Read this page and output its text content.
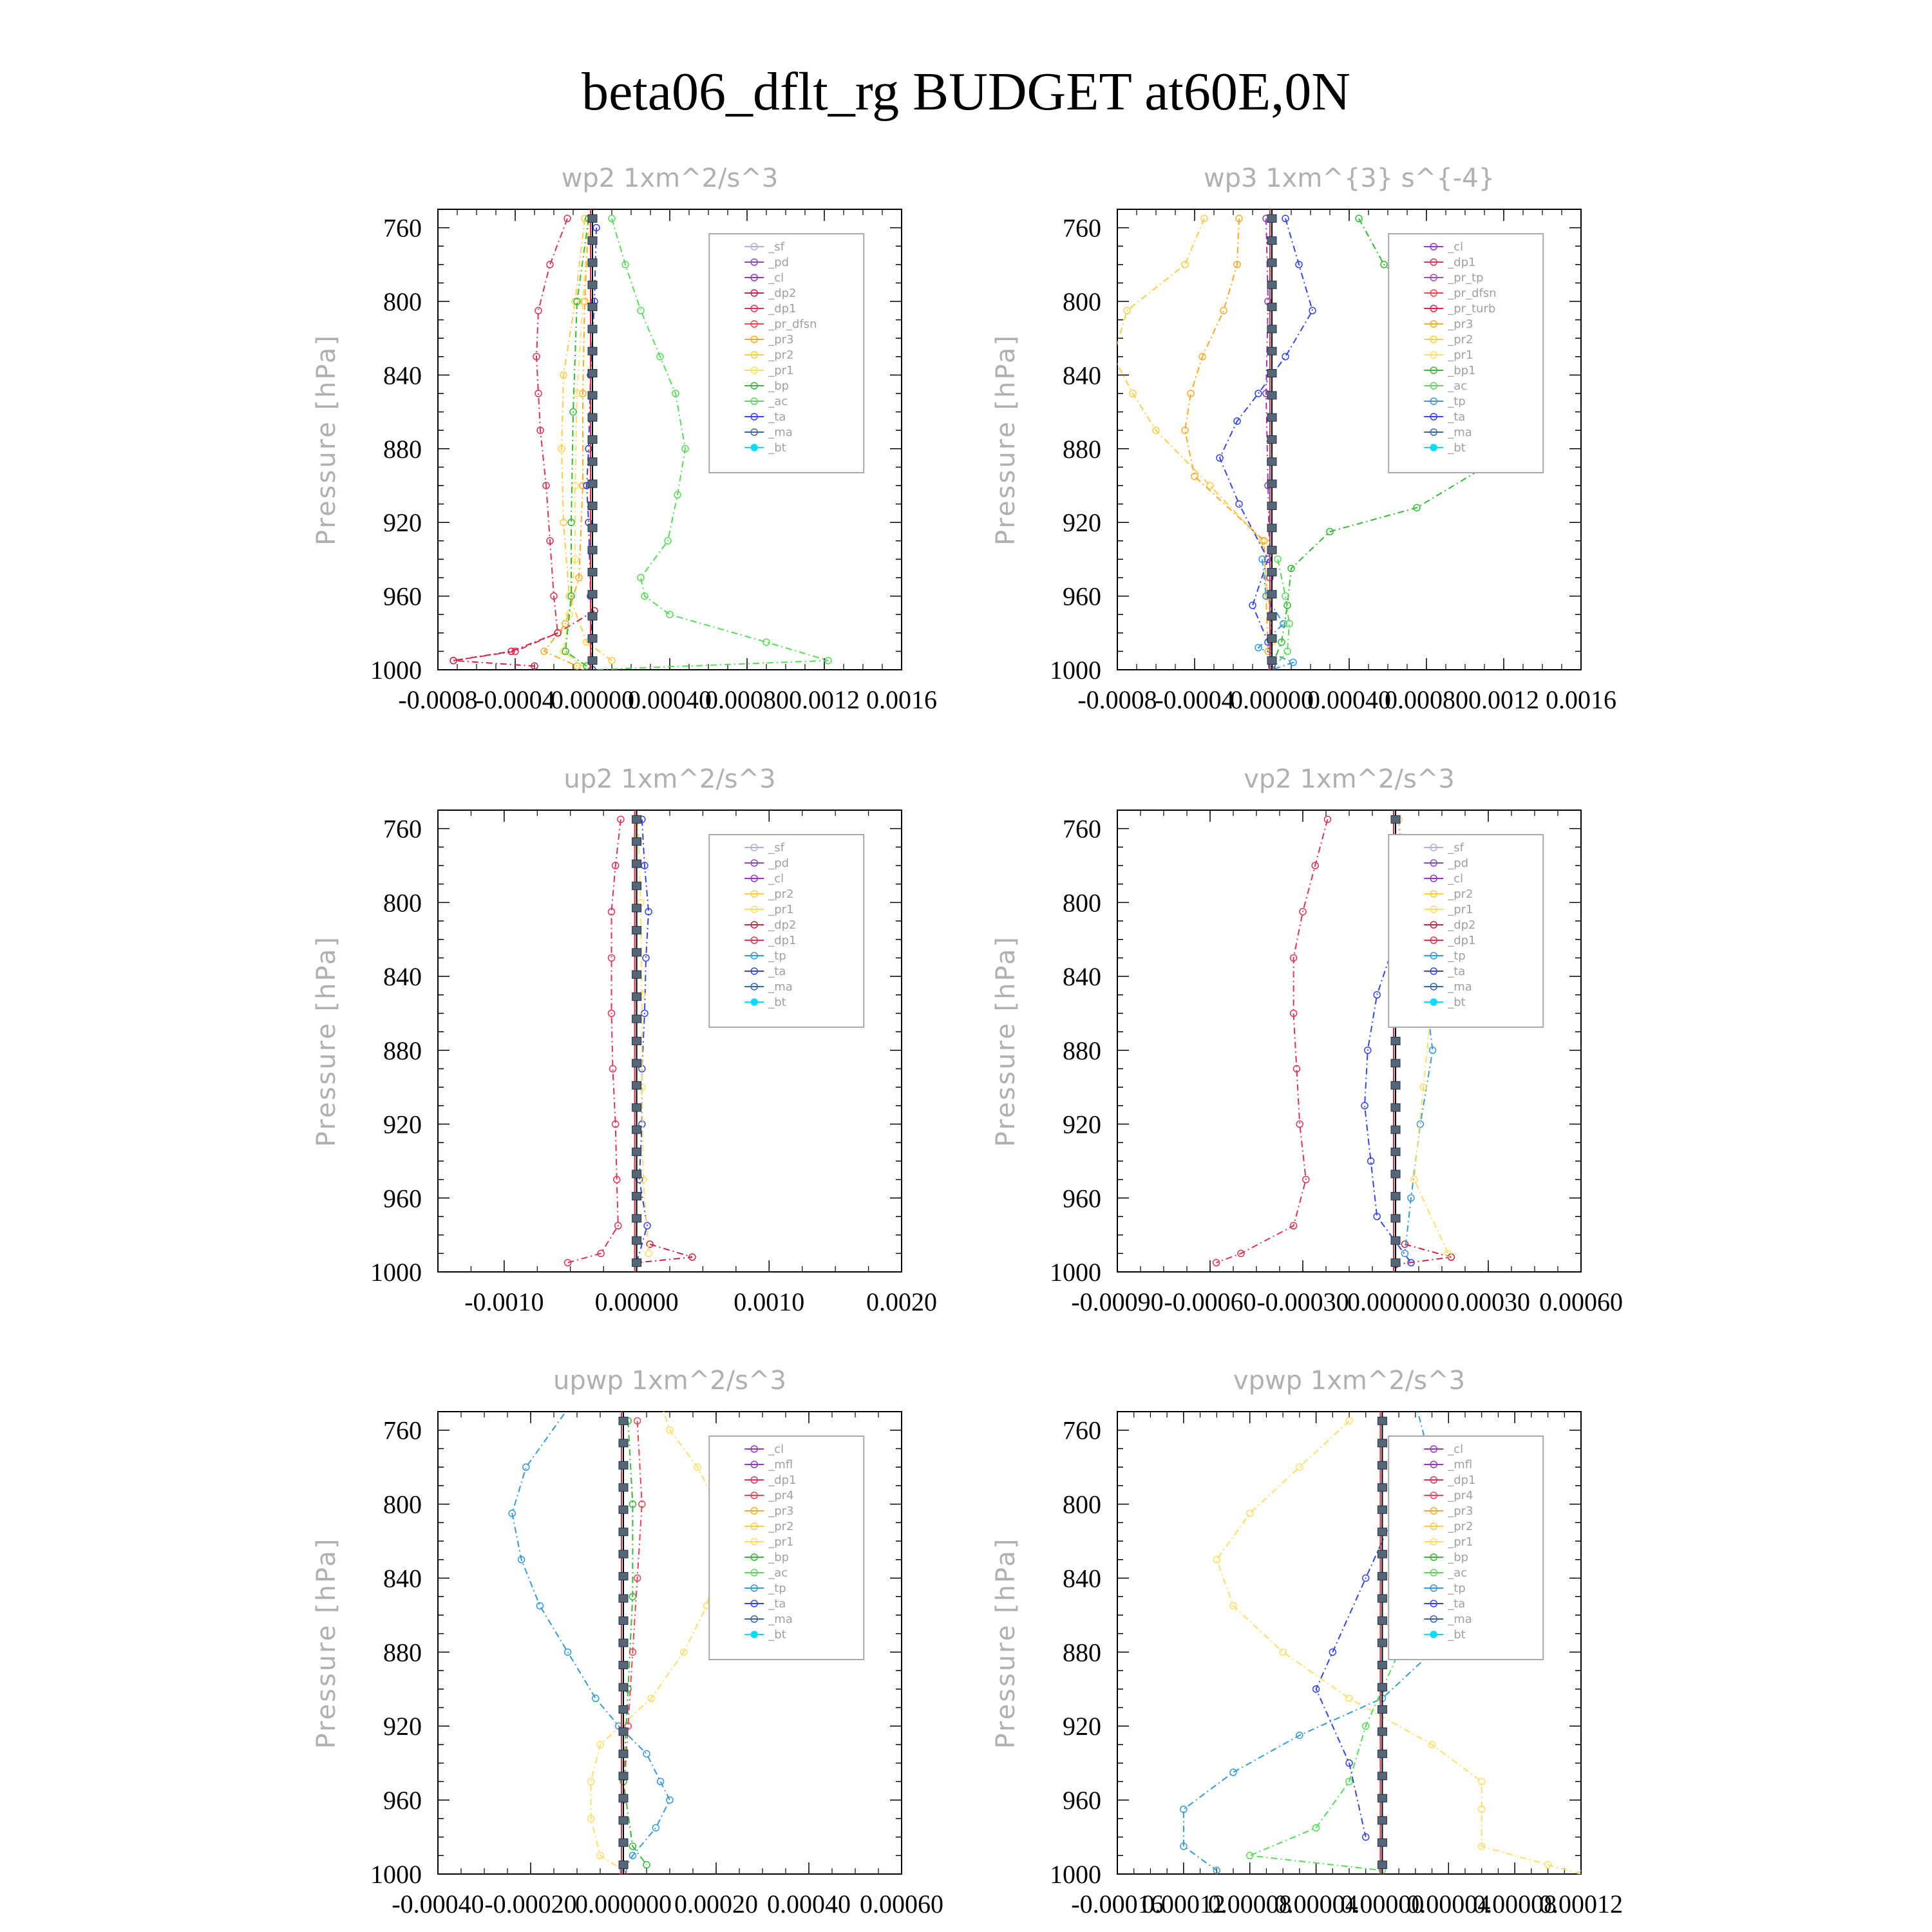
beta06_dflt_rg BUDGET at60E,0N
wp2 1xm^2/s^3
Pressure [hPa]
760
800
840
880
920
960
1000
-0.0008
-0.0004
0.00000
0.00040
0.00080 0.0012 0.0016
_sf
_pd
_cl
_dp2
_dp1
_pr_dfsn
_pr3
_pr2
_pr1
_bp
_ac
_ta
_ma
_bt
wp3 1xm^{3} s^{-4}
Pressure [hPa]
760
800
840
880
920
960
1000
-0.0008
-0.0004
0.00000
0.00040
0.00080 0.0012 0.0016
_cl
_dp1
_pr_tp
_pr_dfsn
_pr_turb
_pr3
_pr2
_pr1
_bp1
_ac
_tp
_ta
_ma
_bt
up2 1xm^2/s^3
Pressure [hPa]
760
800
840
880
920
960
1000
-0.0010 0.00000 0.0010 0.0020
_sf
_pd
_cl
_pr2
_pr1
_dp2
_dp1
_tp
_ta
_ma
_bt
vp2 1xm^2/s^3
Pressure [hPa]
760
800
840
880
920
960
1000
-0.00090 -0.00060 -0.00030
0.000000 0.00030 0.00060
_sf
_pd
_cl
_pr2
_pr1
_dp2
_dp1
_tp
_ta
_ma
_bt
upwp 1xm^2/s^3
Pressure [hPa]
760
800
840
880
920
960
1000
-0.00040 -0.00020
0.000000 0.00020 0.00040 0.00060
_cl
_mfl
_dp1
_pr4
_pr3
_pr2
_pr1
_bp
_ac
_tp
_ta
_ma
_bt
vpwp 1xm^2/s^3
Pressure [hPa]
760
800
840
880
920
960
1000
-0.00016
0.00012
0.00008
0.00004
0.00000
0.00004
0.00008
0.00012
_cl
_mfl
_dp1
_pr4
_pr3
_pr2
_pr1
_bp
_ac
_tp
_ta
_ma
_bt
